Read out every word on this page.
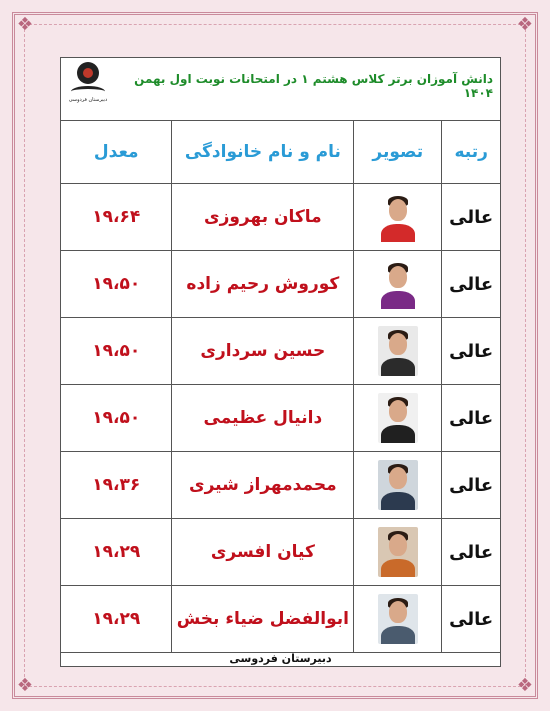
❖	❖
❖	❖
دبیرستان فردوسی
دانش آموزان برتر کلاس هشتم ۱ در امتحانات نوبت اول بهمن ۱۴۰۴
رتبه	تصویر	نام و نام خانوادگی	معدل
عالی		ماکان بهروزی	۱۹،۶۴
عالی		کوروش رحیم زاده	۱۹،۵۰
عالی		حسین سرداری	۱۹،۵۰
عالی		دانیال عظیمی	۱۹،۵۰
عالی		محمدمهراز شیری	۱۹،۳۶
عالی		کیان افسری	۱۹،۲۹
عالی		ابوالفضل ضیاء بخش	۱۹،۲۹
دبیرستان فردوسی
